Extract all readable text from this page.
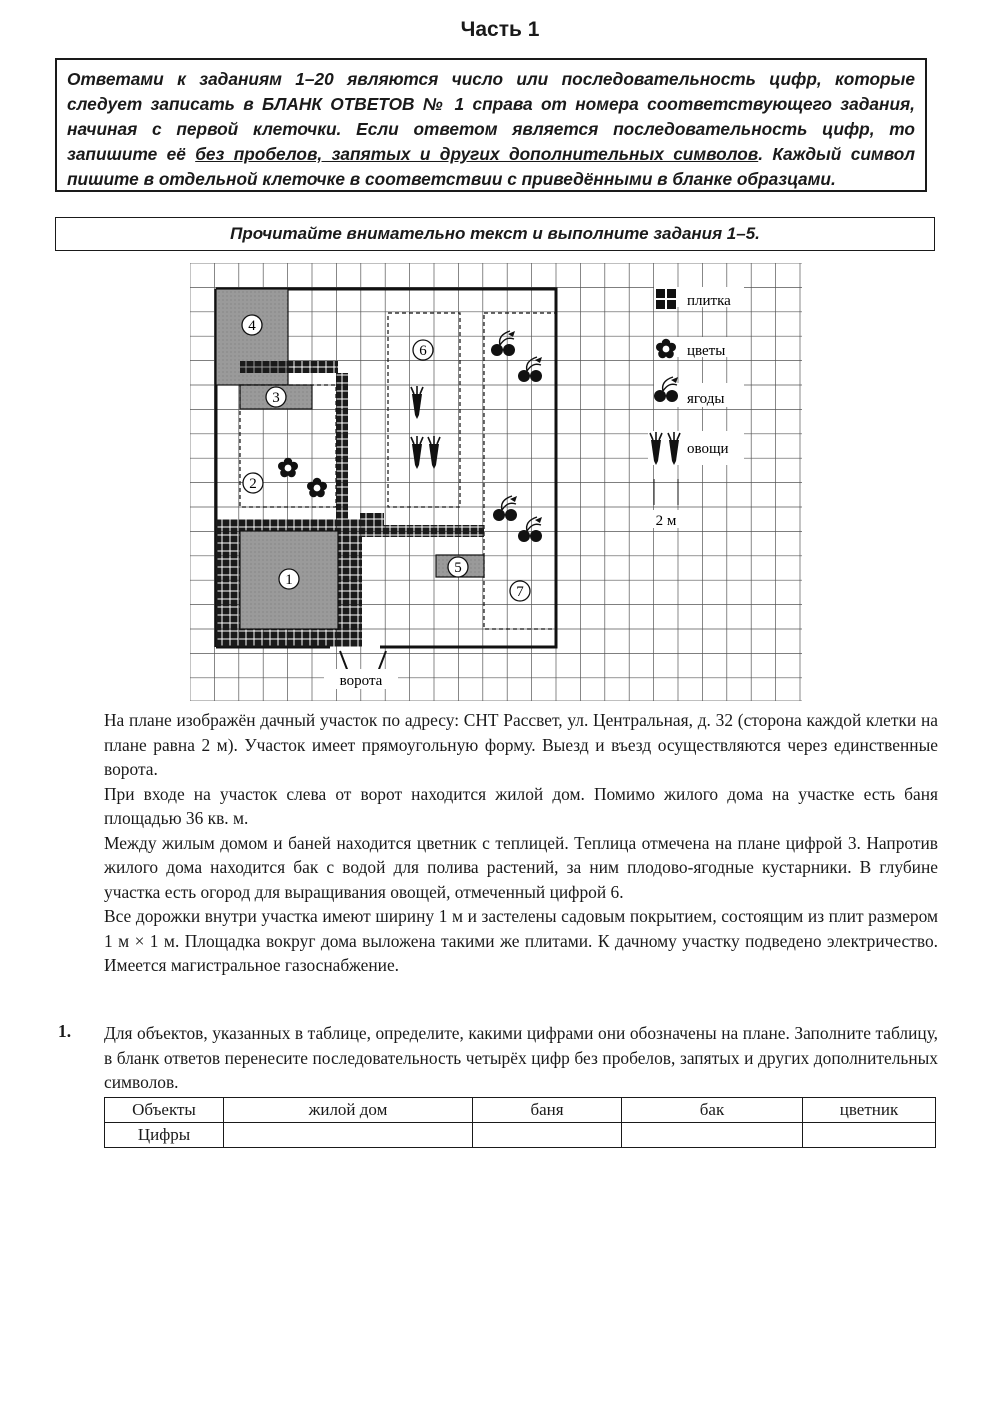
Часть 1
Ответами к заданиям 1–20 являются число или последовательность цифр, которые следует записать в БЛАНК ОТВЕТОВ № 1 справа от номера соответствующего задания, начиная с первой клеточки. Если ответом является последовательность цифр, то запишите её без пробелов, запятых и других дополнительных символов. Каждый символ пишите в отдельной клеточке в соответствии с приведёнными в бланке образцами.
Прочитайте внимательно текст и выполните задания 1–5.
1
2
3
4
5
6
7
плитка
цветы
ягоды
овощи
2 м
ворота

На плане изображён дачный участок по адресу: СНТ Рассвет, ул. Центральная, д. 32 (сторона каждой клетки на плане равна 2 м). Участок имеет прямоугольную форму. Выезд и въезд осуществляются через единственные ворота.

При входе на участок слева от ворот находится жилой дом. Помимо жилого дома на участке есть баня площадью 36 кв. м.

Между жилым домом и баней находится цветник с теплицей. Теплица отмечена на плане цифрой 3. Напротив жилого дома находится бак с водой для полива растений, за ним плодово-ягодные кустарники. В глубине участка есть огород для выращивания овощей, отмеченный цифрой 6.

Все дорожки внутри участка имеют ширину 1 м и застелены садовым покрытием, состоящим из плит размером 1 м × 1 м. Площадка вокруг дома выложена такими же плитами. К дачному участку подведено электричество. Имеется магистральное газоснабжение.

1. Для объектов, указанных в таблице, определите, какими цифрами они обозначены на плане. Заполните таблицу, в бланк ответов перенесите последовательность четырёх цифр без пробелов, запятых и других дополнительных символов.
Объекты	жилой дом	баня	бак	цветник
Цифры				
